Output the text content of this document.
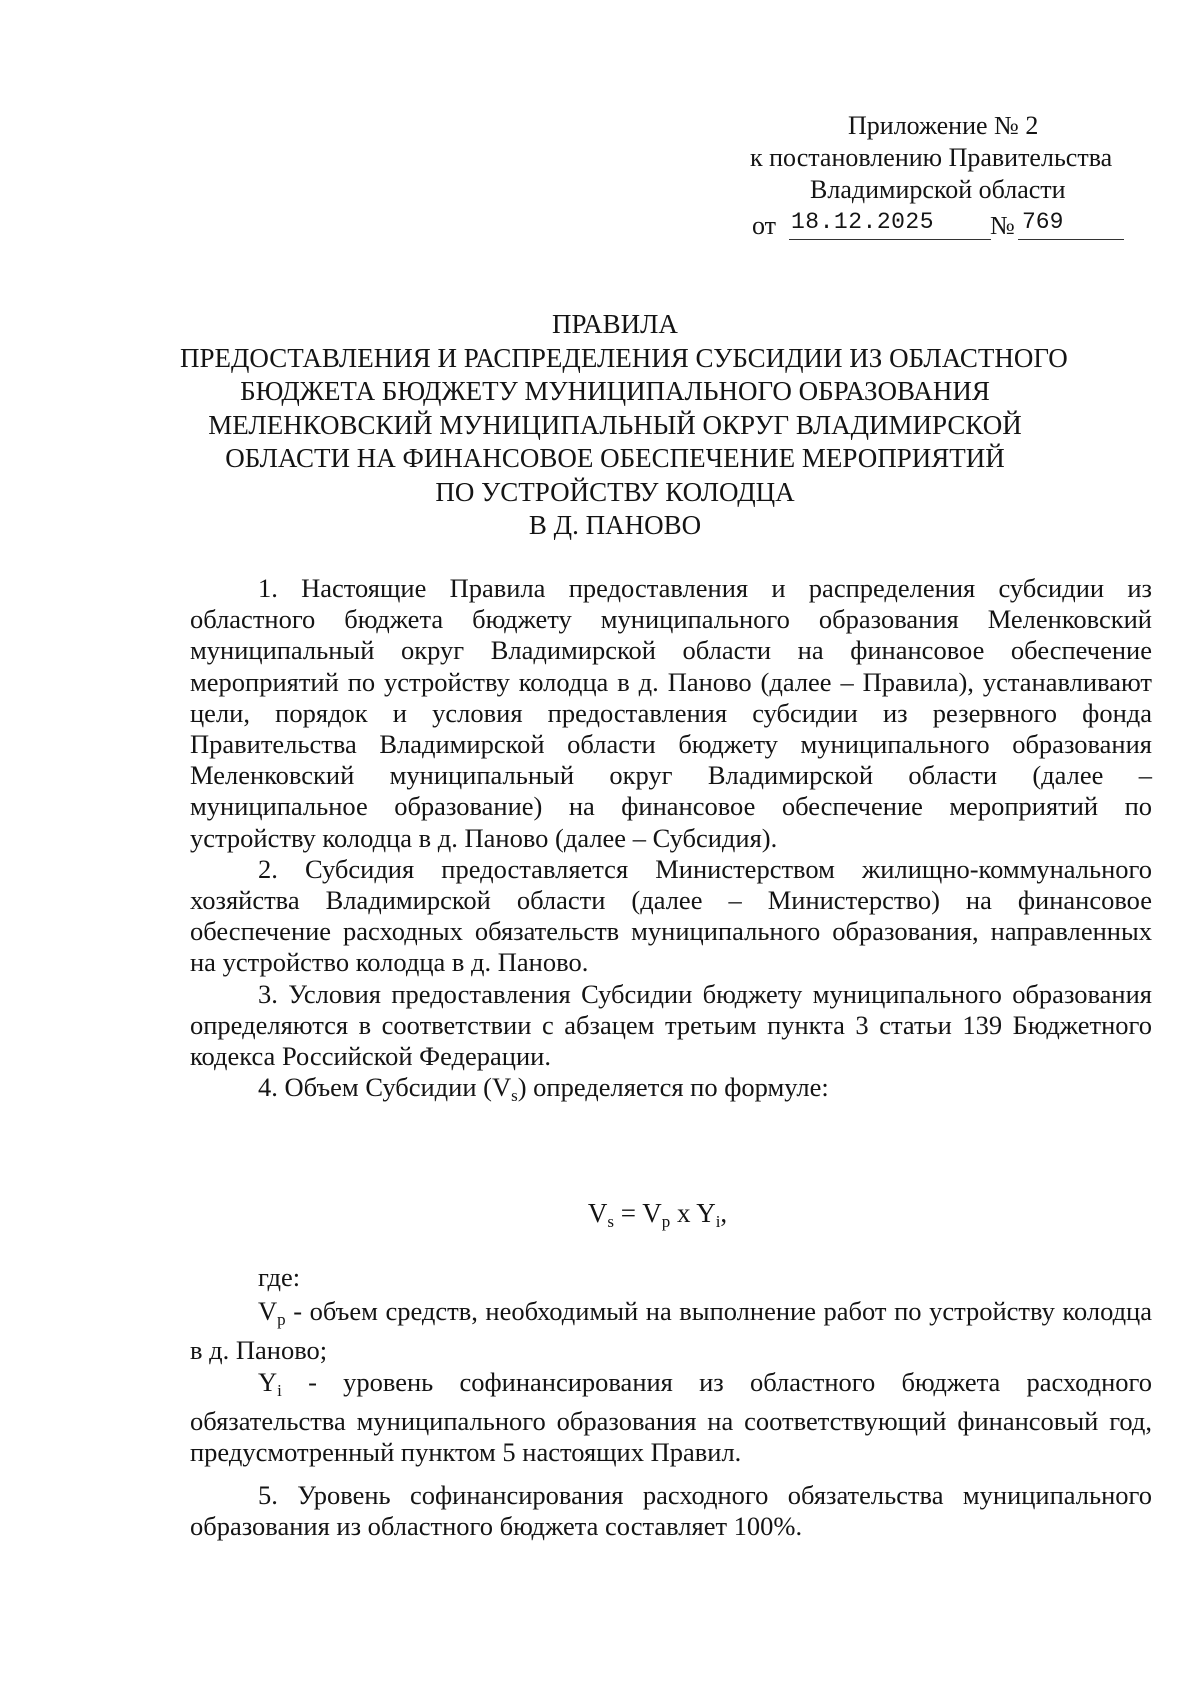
Приложение № 2
к постановлению Правительства
Владимирской области
от 18.12.2025	№ 769
ПРАВИЛА
ПРЕДОСТАВЛЕНИЯ И РАСПРЕДЕЛЕНИЯ СУБСИДИИ ИЗ ОБЛАСТНОГО
БЮДЖЕТА БЮДЖЕТУ МУНИЦИПАЛЬНОГО ОБРАЗОВАНИЯ
МЕЛЕНКОВСКИЙ МУНИЦИПАЛЬНЫЙ ОКРУГ ВЛАДИМИРСКОЙ
ОБЛАСТИ НА ФИНАНСОВОЕ ОБЕСПЕЧЕНИЕ МЕРОПРИЯТИЙ
ПО УСТРОЙСТВУ КОЛОДЦА
В Д. ПАНОВО

1. Настоящие Правила предоставления и распределения субсидии из областного бюджета бюджету муниципального образования Меленковский муниципальный округ Владимирской области на финансовое обеспечение мероприятий по устройству колодца в д. Паново (далее – Правила), устанавливают цели, порядок и условия предоставления субсидии из резервного фонда Правительства Владимирской области бюджету муниципального образования Меленковский муниципальный округ Владимирской области (далее – муниципальное образование) на финансовое обеспечение мероприятий по устройству колодца в д. Паново (далее – Субсидия).

2. Субсидия предоставляется Министерством жилищно-коммунального хозяйства Владимирской области (далее – Министерство) на финансовое обеспечение расходных обязательств муниципального образования, направленных на устройство колодца в д. Паново.

3. Условия предоставления Субсидии бюджету муниципального образования определяются в соответствии с абзацем третьим пункта 3 статьи 139 Бюджетного кодекса Российской Федерации.

4. Объем Субсидии $(V_s)$ определяется по формуле:

$V_s = V_p$ x $Y_i$,

где:

$V_p$ - объем средств, необходимый на выполнение работ по устройству колодца в д. Паново;

$Y_i$ - уровень софинансирования из областного бюджета расходного обязательства муниципального образования на соответствующий финансовый год, предусмотренный пунктом 5 настоящих Правил.

5. Уровень софинансирования расходного обязательства муниципального образования из областного бюджета составляет 100%.
